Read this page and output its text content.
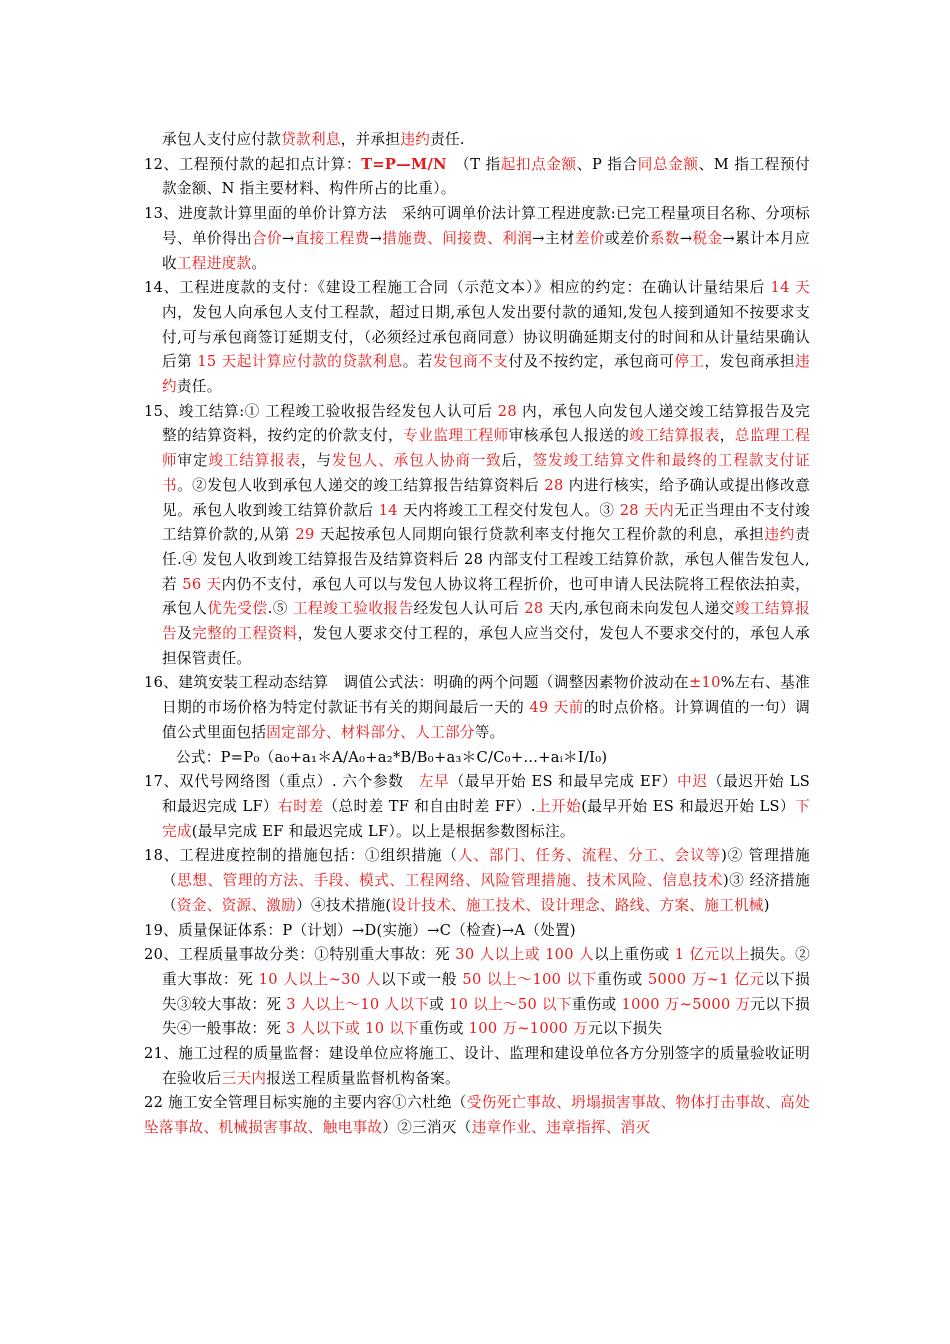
承包人支付应付款贷款利息，并承担违约责任.

12、工程预付款的起扣点计算：T=P—M/N　（T 指起扣点金额、P 指合同总金额、M 指工程预付款金额、N 指主要材料、构件所占的比重）。

13、进度款计算里面的单价计算方法　采纳可调单价法计算工程进度款:已完工程量项目名称、分项标号、单价得出合价→直接工程费→措施费、间接费、利润→主材差价或差价系数→税金→累计本月应收工程进度款。

14、工程进度款的支付：《建设工程施工合同（示范文本）》相应的约定：在确认计量结果后 14 天内，发包人向承包人支付工程款，超过日期,承包人发出要付款的通知,发包人接到通知不按要求支付,可与承包商签订延期支付，（必须经过承包商同意）协议明确延期支付的时间和从计量结果确认后第 15 天起计算应付款的贷款利息。若发包商不支付及不按约定，承包商可停工，发包商承担违约责任。

15、竣工结算:① 工程竣工验收报告经发包人认可后 28 内，承包人向发包人递交竣工结算报告及完整的结算资料，按约定的价款支付，专业监理工程师审核承包人报送的竣工结算报表，总监理工程师审定竣工结算报表，与发包人、承包人协商一致后，签发竣工结算文件和最终的工程款支付证书。②发包人收到承包人递交的竣工结算报告结算资料后 28 内进行核实，给予确认或提出修改意见。承包人收到竣工结算价款后 14 天内将竣工工程交付发包人。③ 28 天内无正当理由不支付竣工结算价款的,从第 29 天起按承包人同期向银行贷款利率支付拖欠工程价款的利息，承担违约责任.④ 发包人收到竣工结算报告及结算资料后 28 内部支付工程竣工结算价款，承包人催告发包人,若 56 天内仍不支付，承包人可以与发包人协议将工程折价，也可申请人民法院将工程依法拍卖，承包人优先受偿.⑤ 工程竣工验收报告经发包人认可后 28 天内,承包商未向发包人递交竣工结算报告及完整的工程资料，发包人要求交付工程的，承包人应当交付，发包人不要求交付的，承包人承担保管责任。

16、建筑安装工程动态结算　调值公式法：明确的两个问题（调整因素物价波动在±10%左右、基准日期的市场价格为特定付款证书有关的期间最后一天的 49 天前的时点价格。计算调值的一句）调值公式里面包括固定部分、材料部分、人工部分等。

公式：P=P₀（a₀+a₁＊A/A₀+a₂*B/B₀+a₃＊C/C₀+…+aᵢ＊I/I₀)

17、双代号网络图（重点）. 六个参数　左早（最早开始 ES 和最早完成 EF）中迟（最迟开始 LS 和最迟完成 LF）右时差（总时差 TF 和自由时差 FF）.上开始(最早开始 ES 和最迟开始 LS）下完成(最早完成 EF 和最迟完成 LF）。以上是根据参数图标注。

18、工程进度控制的措施包括：①组织措施（人、部门、任务、流程、分工、会议等)② 管理措施（思想、管理的方法、手段、模式、工程网络、风险管理措施、技术风险、信息技术)③ 经济措施（资金、资源、激励）④技术措施(设计技术、施工技术、设计理念、路线、方案、施工机械)

19、质量保证体系：P（计划）→D(实施）→C（检查)→A（处置)

20、工程质量事故分类：①特别重大事故：死 30 人以上或 100 人以上重伤或 1 亿元以上损失。②重大事故：死 10 人以上~30 人以下或一般 50 以上～100 以下重伤或 5000 万~1 亿元以下损失③较大事故：死 3 人以上～10 人以下或 10 以上～50 以下重伤或 1000 万~5000 万元以下损失④一般事故：死 3 人以下或 10 以下重伤或 100 万~1000 万元以下损失

21、施工过程的质量监督：建设单位应将施工、设计、监理和建设单位各方分别签字的质量验收证明在验收后三天内报送工程质量监督机构备案。

22 施工安全管理目标实施的主要内容①六杜绝（受伤死亡事故、坍塌损害事故、物体打击事故、高处坠落事故、机械损害事故、触电事故）②三消灭（违章作业、违章指挥、消灭
